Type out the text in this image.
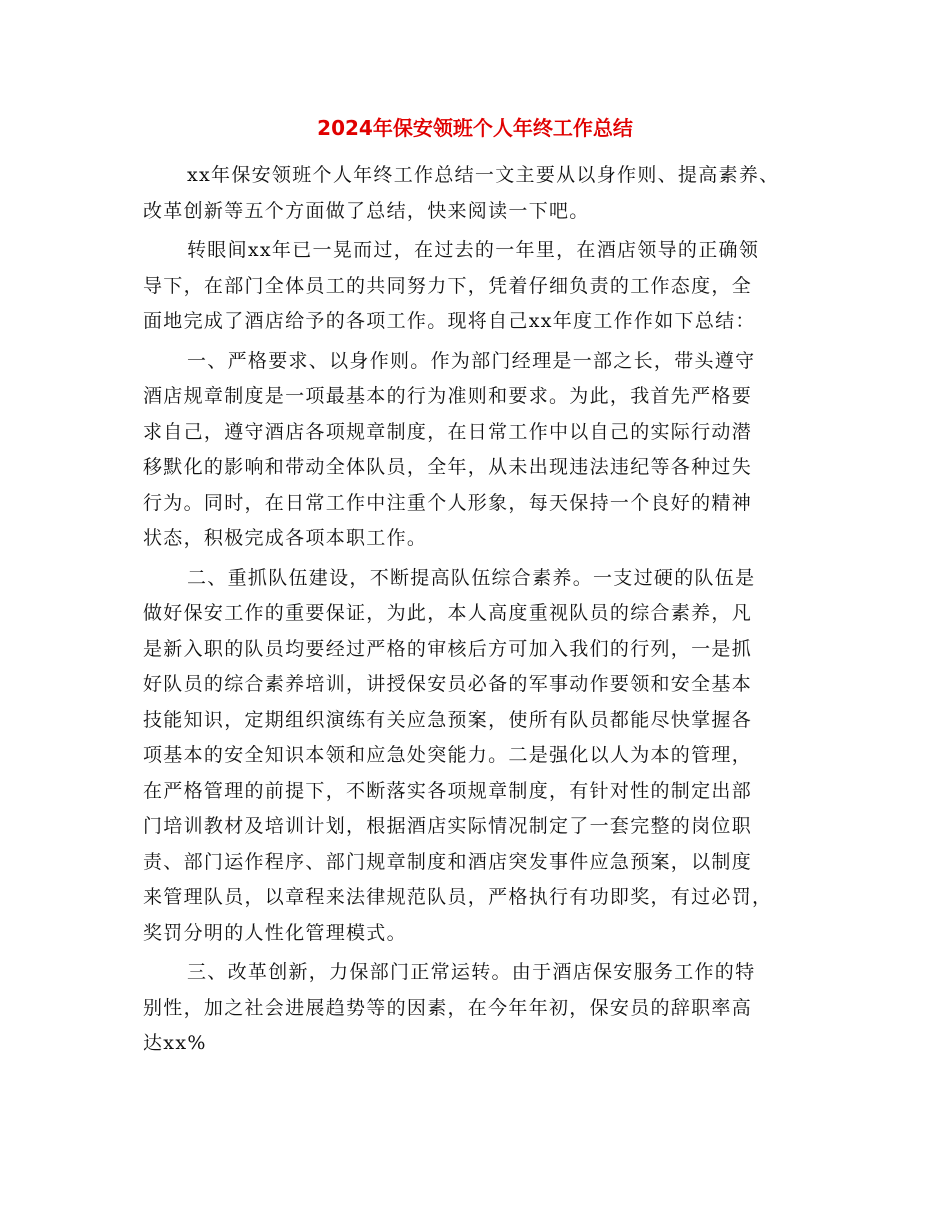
2024年保安领班个人年终工作总结

xx年保安领班个人年终工作总结一文主要从以身作则、提高素养、
改革创新等五个方面做了总结，快来阅读一下吧。

转眼间xx年已一晃而过，在过去的一年里，在酒店领导的正确领
导下，在部门全体员工的共同努力下，凭着仔细负责的工作态度，全
面地完成了酒店给予的各项工作。现将自己xx年度工作作如下总结：

一、严格要求、以身作则。作为部门经理是一部之长，带头遵守
酒店规章制度是一项最基本的行为准则和要求。为此，我首先严格要
求自己，遵守酒店各项规章制度，在日常工作中以自己的实际行动潜
移默化的影响和带动全体队员，全年，从未出现违法违纪等各种过失
行为。同时，在日常工作中注重个人形象，每天保持一个良好的精神
状态，积极完成各项本职工作。

二、重抓队伍建设，不断提高队伍综合素养。一支过硬的队伍是
做好保安工作的重要保证，为此，本人高度重视队员的综合素养，凡
是新入职的队员均要经过严格的审核后方可加入我们的行列，一是抓
好队员的综合素养培训，讲授保安员必备的军事动作要领和安全基本
技能知识，定期组织演练有关应急预案，使所有队员都能尽快掌握各
项基本的安全知识本领和应急处突能力。二是强化以人为本的管理，
在严格管理的前提下，不断落实各项规章制度，有针对性的制定出部
门培训教材及培训计划，根据酒店实际情况制定了一套完整的岗位职
责、部门运作程序、部门规章制度和酒店突发事件应急预案，以制度
来管理队员，以章程来法律规范队员，严格执行有功即奖，有过必罚，
奖罚分明的人性化管理模式。

三、改革创新，力保部门正常运转。由于酒店保安服务工作的特
别性，加之社会进展趋势等的因素，在今年年初，保安员的辞职率高
达xx%
